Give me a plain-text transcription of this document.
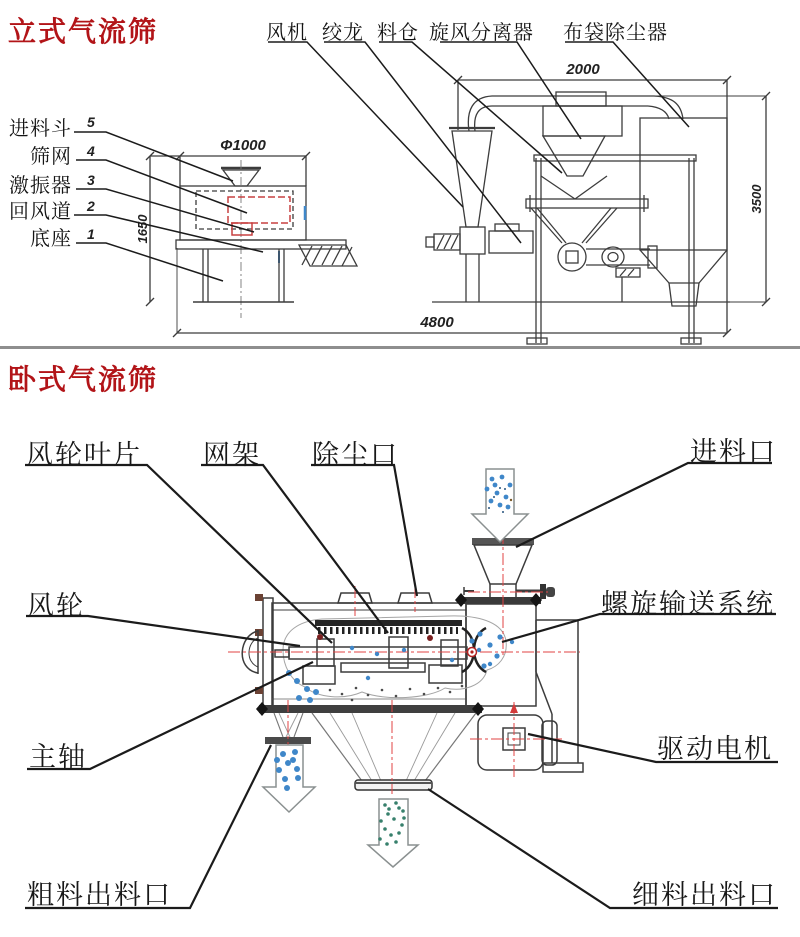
Φ1000
2000
4800
1650
3500
立式气流筛
卧式气流筛
风机 绞龙 料仓 旋风分离器 布袋除尘器
进料斗 5
筛网 4
激振器 3
回风道 2
底座 1
风轮叶片 网架 除尘口	进料口
风轮	螺旋输送系统
主轴	驱动电机
粗料出料口	细料出料口
